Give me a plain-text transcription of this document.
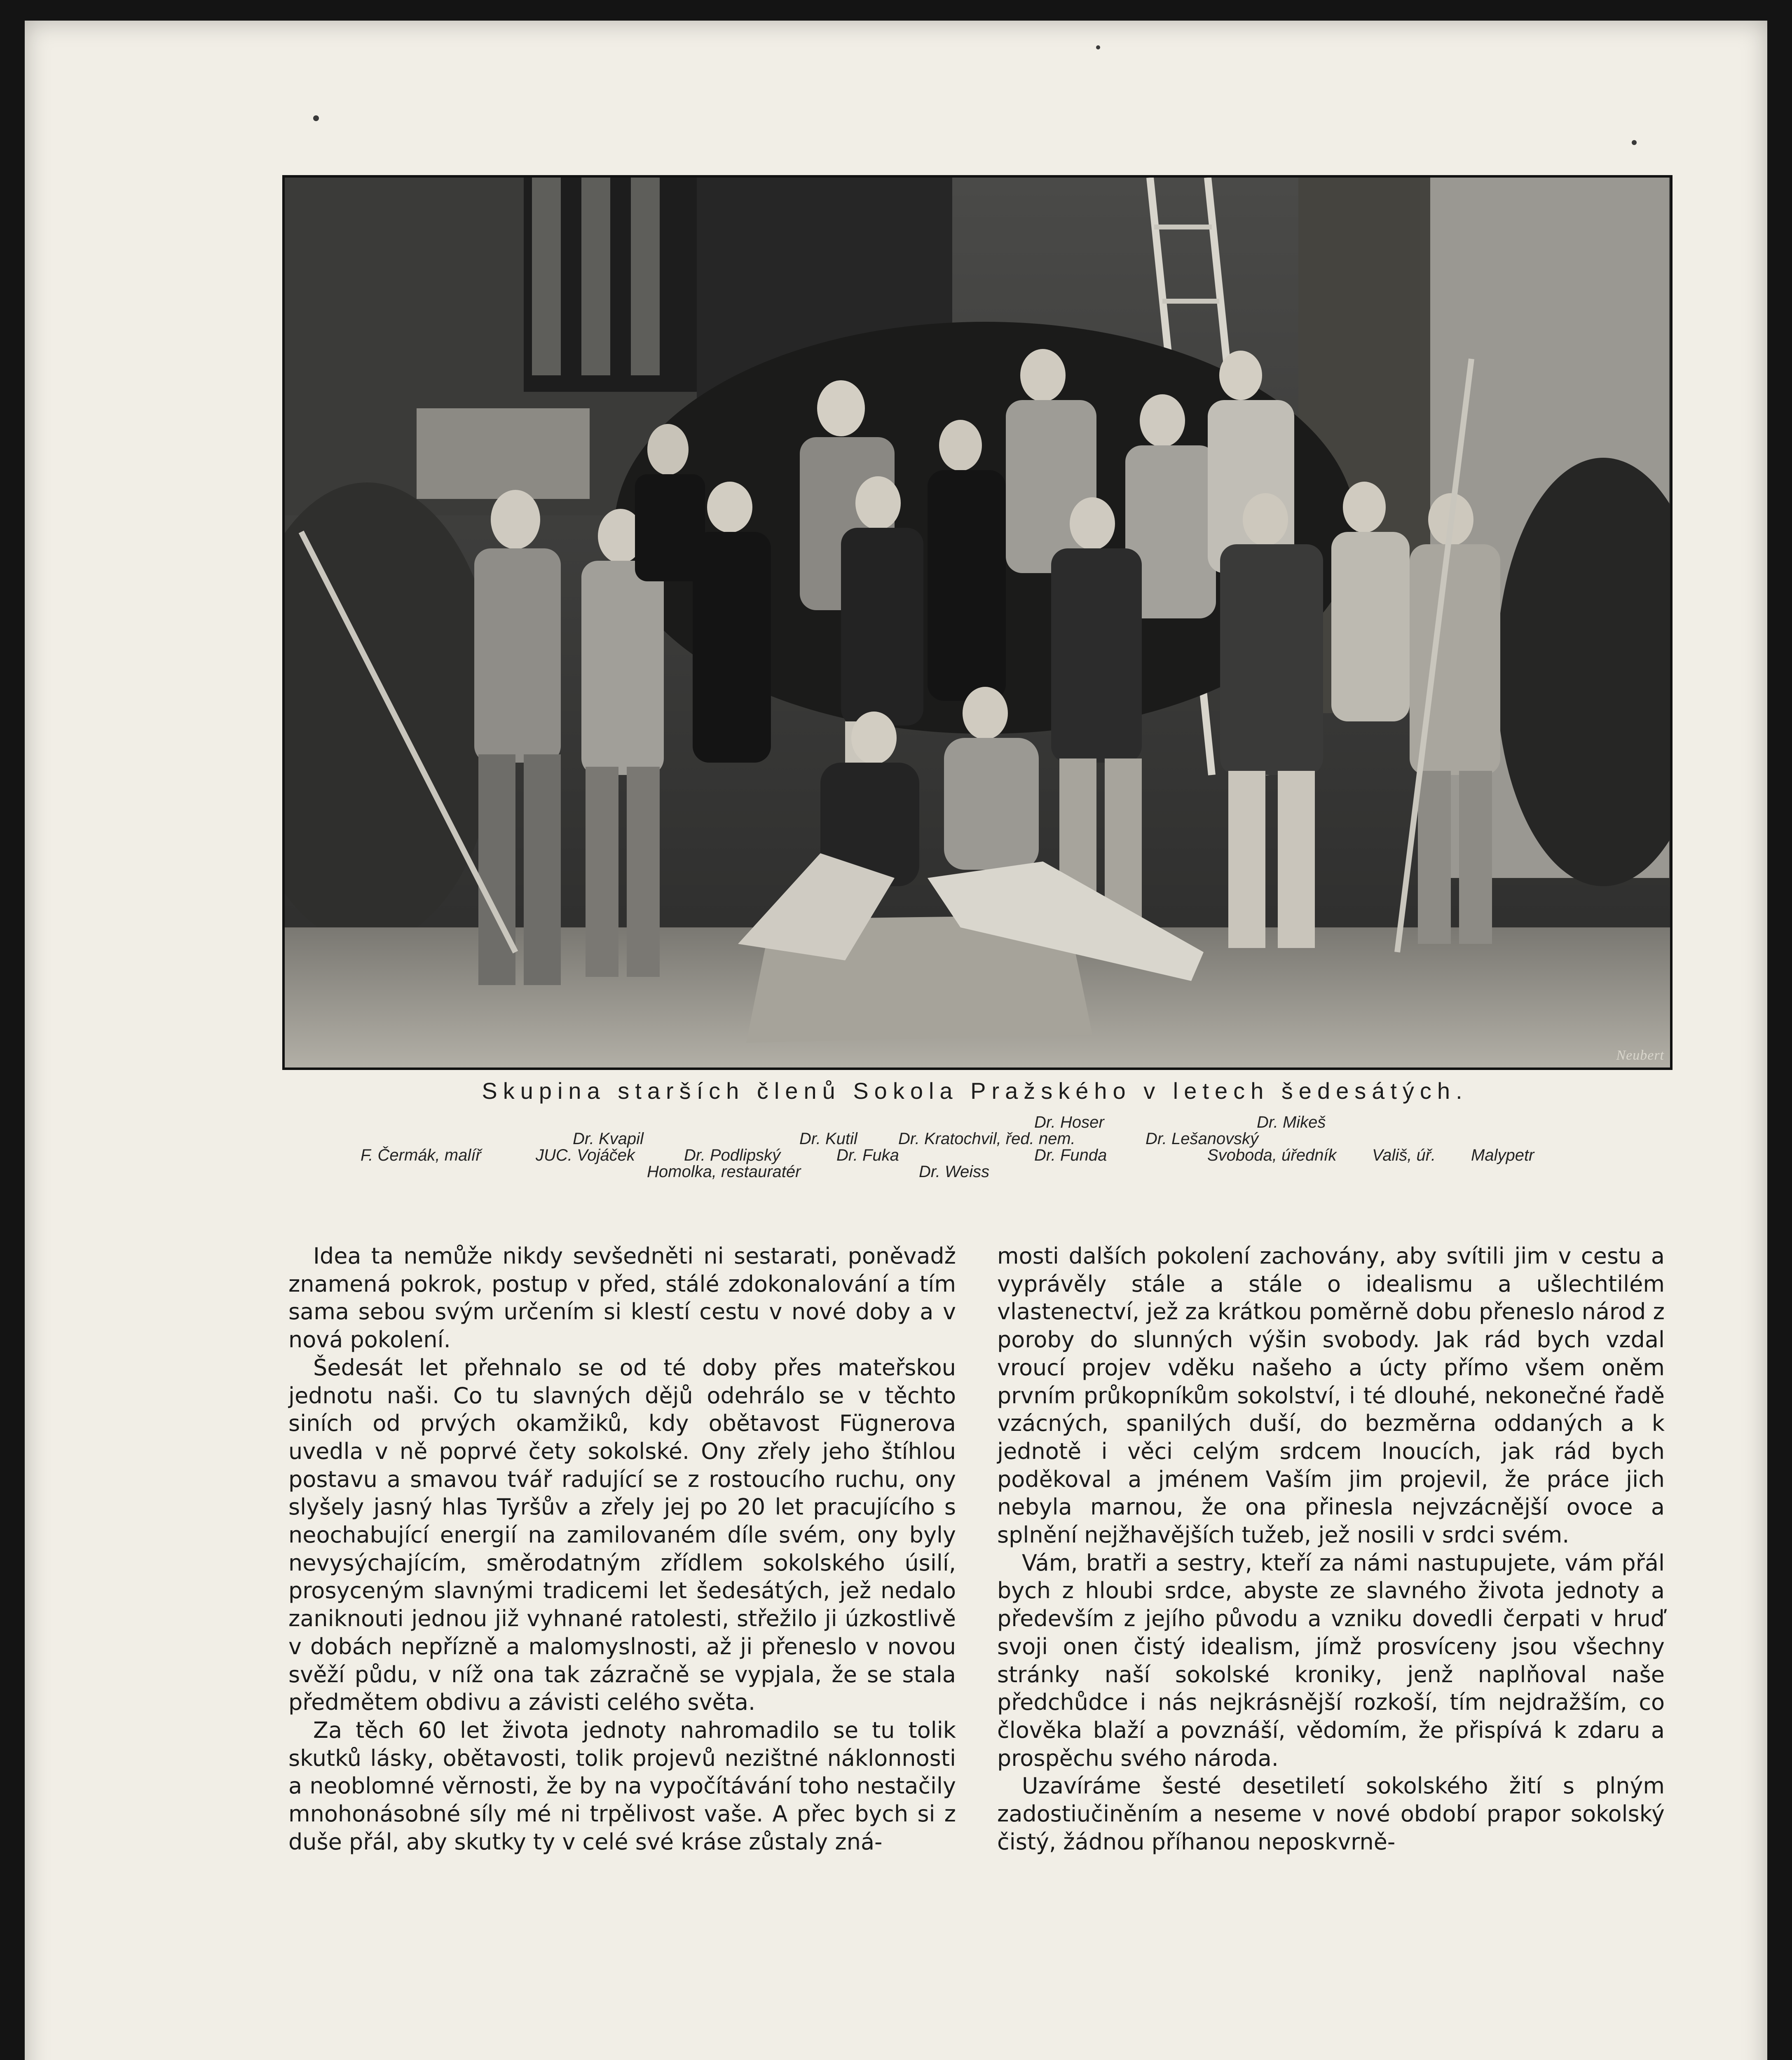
Neubert
Skupina starších členů Sokola Pražského v letech šedesátých.
Dr. Hoser	Dr. Mikeš
Dr. Kvapil	Dr. Kutil Dr. Kratochvil, řed. nem.	Dr. Lešanovský
F. Čermák, malíř	JUC. Vojáček	Dr. Podlipský	Dr. Fuka	Dr. Funda	Svoboda, úředník Vališ, úř. Malypetr
Homolka, restauratér	Dr. Weiss

Idea ta nemůže nikdy sevšedněti ni sestarati, poněvadž znamená pokrok, postup v před, stálé zdokonalování a tím sama sebou svým určením si klestí cestu v nové doby a v nová pokolení.

Šedesát let přehnalo se od té doby přes mateřskou jednotu naši. Co tu slavných dějů odehrálo se v těchto siních od prvých okamžiků, kdy obětavost Fügnerova uvedla v ně poprvé čety sokolské. Ony zřely jeho štíhlou postavu a smavou tvář radující se z rostoucího ruchu, ony slyšely jasný hlas Tyršův a zřely jej po 20 let pracujícího s neochabující energií na zamilovaném díle svém, ony byly nevysýchajícím, směrodatným zřídlem sokolského úsilí, prosyceným slavnými tradicemi let šedesátých, jež nedalo zaniknouti jednou již vyhnané ratolesti, střežilo ji úzkostlivě v dobách nepřízně a malomyslnosti, až ji přeneslo v novou svěží půdu, v níž ona tak zázračně se vypjala, že se stala předmětem obdivu a závisti celého světa.

Za těch 60 let života jednoty nahromadilo se tu tolik skutků lásky, obětavosti, tolik projevů nezištné náklonnosti a neoblomné věrnosti, že by na vypočítávání toho nestačily mnohonásobné síly mé ni trpělivost vaše. A přec bych si z duše přál, aby skutky ty v celé své kráse zůstaly zná-

mosti dalších pokolení zachovány, aby svítili jim v cestu a vyprávěly stále a stále o idealismu a ušlechtilém vlastenectví, jež za krátkou poměrně dobu přeneslo národ z poroby do slunných výšin svobody. Jak rád bych vzdal vroucí projev vděku našeho a úcty přímo všem oněm prvním průkopníkům sokolství, i té dlouhé, nekonečné řadě vzácných, spanilých duší, do bezměrna oddaných a k jednotě i věci celým srdcem lnoucích, jak rád bych poděkoval a jménem Vaším jim projevil, že práce jich nebyla marnou, že ona přinesla nejvzácnější ovoce a splnění nejžhavějších tužeb, jež nosili v srdci svém.

Vám, bratři a sestry, kteří za námi nastupujete, vám přál bych z hloubi srdce, abyste ze slavného života jednoty a především z jejího původu a vzniku dovedli čerpati v hruď svoji onen čistý idealism, jímž prosvíceny jsou všechny stránky naší sokolské kroniky, jenž naplňoval naše předchůdce i nás nejkrásnější rozkoší, tím nejdražším, co člověka blaží a povznáší, vědomím, že přispívá k zdaru a prospěchu svého národa.

Uzavíráme šesté desetiletí sokolského žití s plným zadostiučiněním a neseme v nové období prapor sokolský čistý, žádnou příhanou neposkvrně-
